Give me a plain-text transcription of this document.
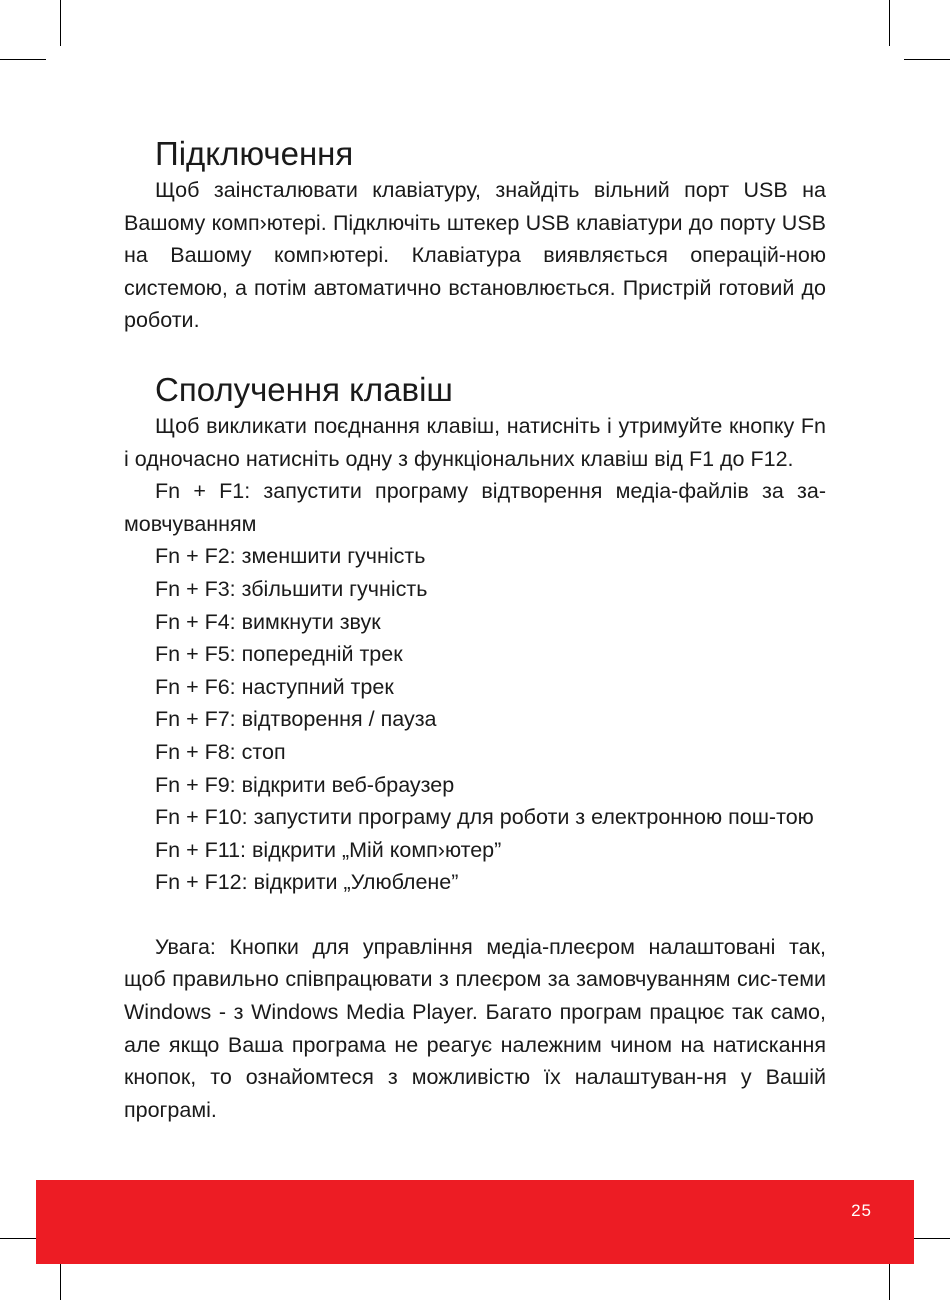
Підключення

Щоб заінсталювати клавіатуру, знайдіть вільний порт USB на Вашому комп›ютері. Підключіть штекер USB клавіатури до порту USB на Вашому комп›ютері. Клавіатура виявляється операцій-ною системою, а потім автоматично встановлюється. Пристрій готовий до роботи.

Сполучення клавіш

Щоб викликати поєднання клавіш, натисніть і утримуйте кнопку Fn і одночасно натисніть одну з функціональних клавіш від F1 до F12.

Fn + F1: запустити програму відтворення медіа-файлів за за-мовчуванням

Fn + F2: зменшити гучність

Fn + F3: збільшити гучність

Fn + F4: вимкнути звук

Fn + F5: попередній трек

Fn + F6: наступний трек

Fn + F7: відтворення / пауза

Fn + F8: стоп

Fn + F9: відкрити веб-браузер

Fn + F10: запустити програму для роботи з електронною пош-тою

Fn + F11: відкрити „Мій комп›ютер”

Fn + F12: відкрити „Улюблене”

Увага: Кнопки для управління медіа-плеєром налаштовані так, щоб правильно співпрацювати з плеєром за замовчуванням сис-теми Windows - з Windows Media Player. Багато програм працює так само, але якщо Ваша програма не реагує належним чином на натискання кнопок, то ознайомтеся з можливістю їх налаштуван-ня у Вашій програмі.

25
